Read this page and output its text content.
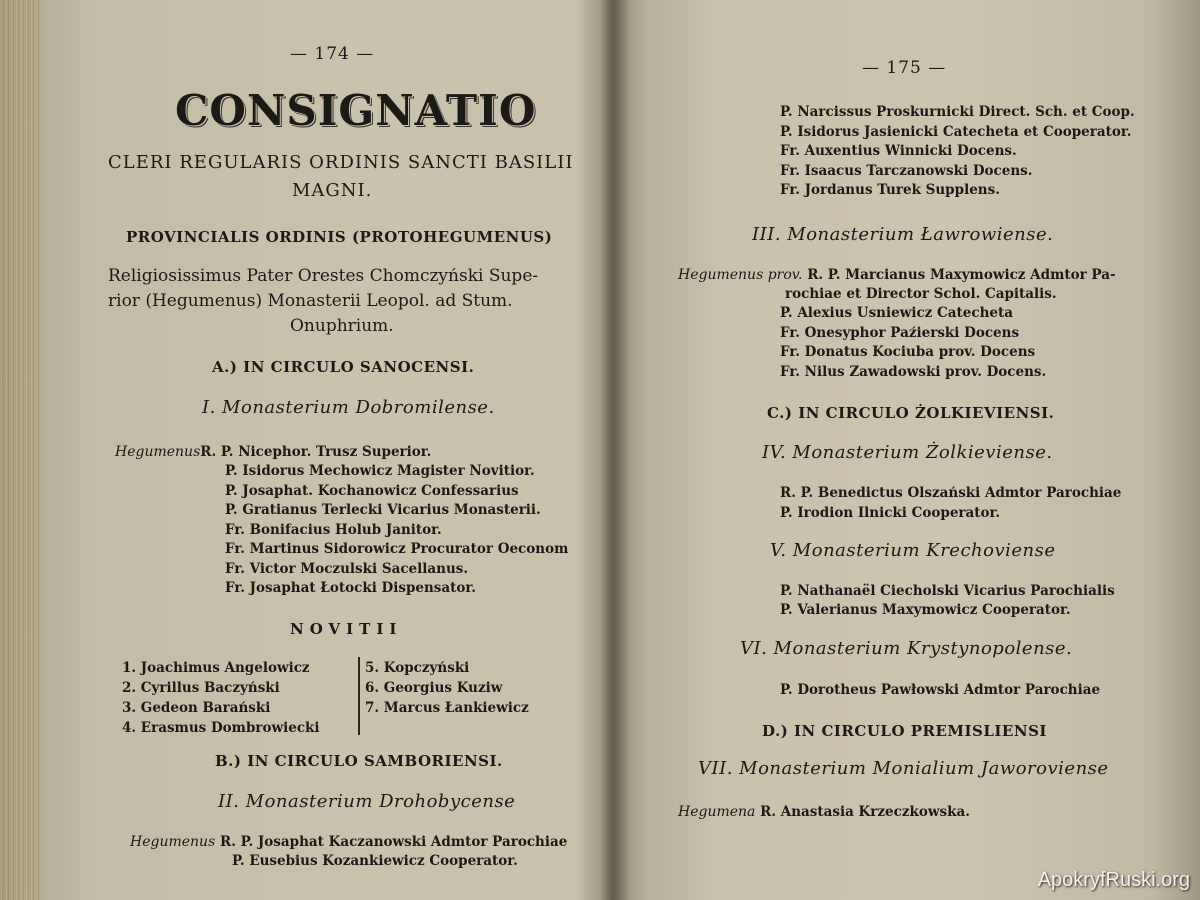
— 174 —
CONSIGNATIO
CLERI REGULARIS ORDINIS SANCTI BASILII
MAGNI.
PROVINCIALIS ORDINIS (PROTOHEGUMENUS)
Religiosissimus Pater Orestes Chomczyński Supe-
rior (Hegumenus) Monasterii Leopol. ad Stum.
Onuphrium.
A.) IN CIRCULO SANOCENSI.
I. Monasterium Dobromilense.
HegumenusR. P. Nicephor. Trusz Superior.
P. Isidorus Mechowicz Magister Novitior.
P. Josaphat. Kochanowicz Confessarius
P. Gratianus Terlecki Vicarius Monasterii.
Fr. Bonifacius Holub Janitor.
Fr. Martinus Sidorowicz Procurator Oeconom
Fr. Victor Moczulski Sacellanus.
Fr. Josaphat Łotocki Dispensator.
NOVITII
1. Joachimus Angelowicz
2. Cyrillus Baczyński
3. Gedeon Barański
4. Erasmus Dombrowiecki
5. Kopczyński
6. Georgius Kuziw
7. Marcus Łankiewicz
B.) IN CIRCULO SAMBORIENSI.
II. Monasterium Drohobycense
Hegumenus R. P. Josaphat Kaczanowski Admtor Parochiae
P. Eusebius Kozankiewicz Cooperator.
— 175 —
P. Narcissus Proskurnicki Direct. Sch. et Coop.
P. Isidorus Jasienicki Catecheta et Cooperator.
Fr. Auxentius Winnicki Docens.
Fr. Isaacus Tarczanowski Docens.
Fr. Jordanus Turek Supplens.
III. Monasterium Ławrowiense.
Hegumenus prov. R. P. Marcianus Maxymowicz Admtor Pa-
rochiae et Director Schol. Capitalis.
P. Alexius Usniewicz Catecheta
Fr. Onesyphor Paźierski Docens
Fr. Donatus Kociuba prov. Docens
Fr. Nilus Zawadowski prov. Docens.
C.) IN CIRCULO ŻOLKIEVIENSI.
IV. Monasterium Żolkieviense.
R. P. Benedictus Olszański Admtor Parochiae
P. Irodion Ilnicki Cooperator.
V. Monasterium Krechoviense
P. Nathanaël Ciecholski Vicarius Parochialis
P. Valerianus Maxymowicz Cooperator.
VI. Monasterium Krystynopolense.
P. Dorotheus Pawłowski Admtor Parochiae
D.) IN CIRCULO PREMISLIENSI
VII. Monasterium Monialium Jaworoviense
Hegumena R. Anastasia Krzeczkowska.
ApokryfRuski.org
